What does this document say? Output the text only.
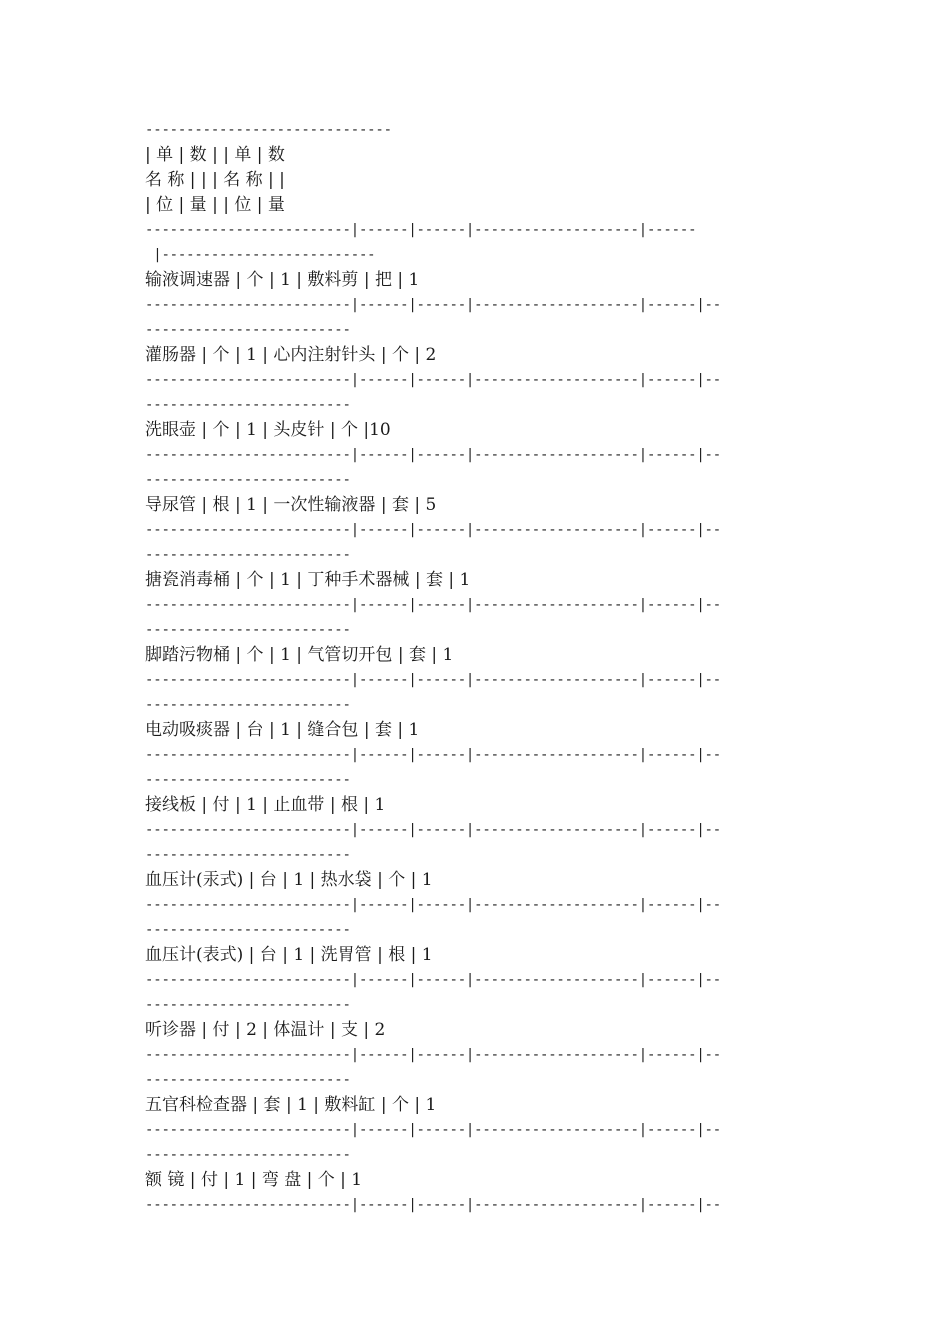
------------------------------
| 单 | 数 | | 单 | 数
名 称 | | | 名 称 | |
| 位 | 量 | | 位 | 量
-------------------------|------|------|--------------------|------
|--------------------------
输液调速器 | 个 | 1 | 敷料剪 | 把 | 1
-------------------------|------|------|--------------------|------|--
-------------------------
灌肠器 | 个 | 1 | 心内注射针头 | 个 | 2
-------------------------|------|------|--------------------|------|--
-------------------------
洗眼壶 | 个 | 1 | 头皮针 | 个 |10
-------------------------|------|------|--------------------|------|--
-------------------------
导尿管 | 根 | 1 | 一次性输液器 | 套 | 5
-------------------------|------|------|--------------------|------|--
-------------------------
搪瓷消毒桶 | 个 | 1 | 丁种手术器械 | 套 | 1
-------------------------|------|------|--------------------|------|--
-------------------------
脚踏污物桶 | 个 | 1 | 气管切开包 | 套 | 1
-------------------------|------|------|--------------------|------|--
-------------------------
电动吸痰器 | 台 | 1 | 缝合包 | 套 | 1
-------------------------|------|------|--------------------|------|--
-------------------------
接线板 | 付 | 1 | 止血带 | 根 | 1
-------------------------|------|------|--------------------|------|--
-------------------------
血压计(汞式) | 台 | 1 | 热水袋 | 个 | 1
-------------------------|------|------|--------------------|------|--
-------------------------
血压计(表式) | 台 | 1 | 洗胃管 | 根 | 1
-------------------------|------|------|--------------------|------|--
-------------------------
听诊器 | 付 | 2 | 体温计 | 支 | 2
-------------------------|------|------|--------------------|------|--
-------------------------
五官科检查器 | 套 | 1 | 敷料缸 | 个 | 1
-------------------------|------|------|--------------------|------|--
-------------------------
额 镜 | 付 | 1 | 弯 盘 | 个 | 1
-------------------------|------|------|--------------------|------|--
